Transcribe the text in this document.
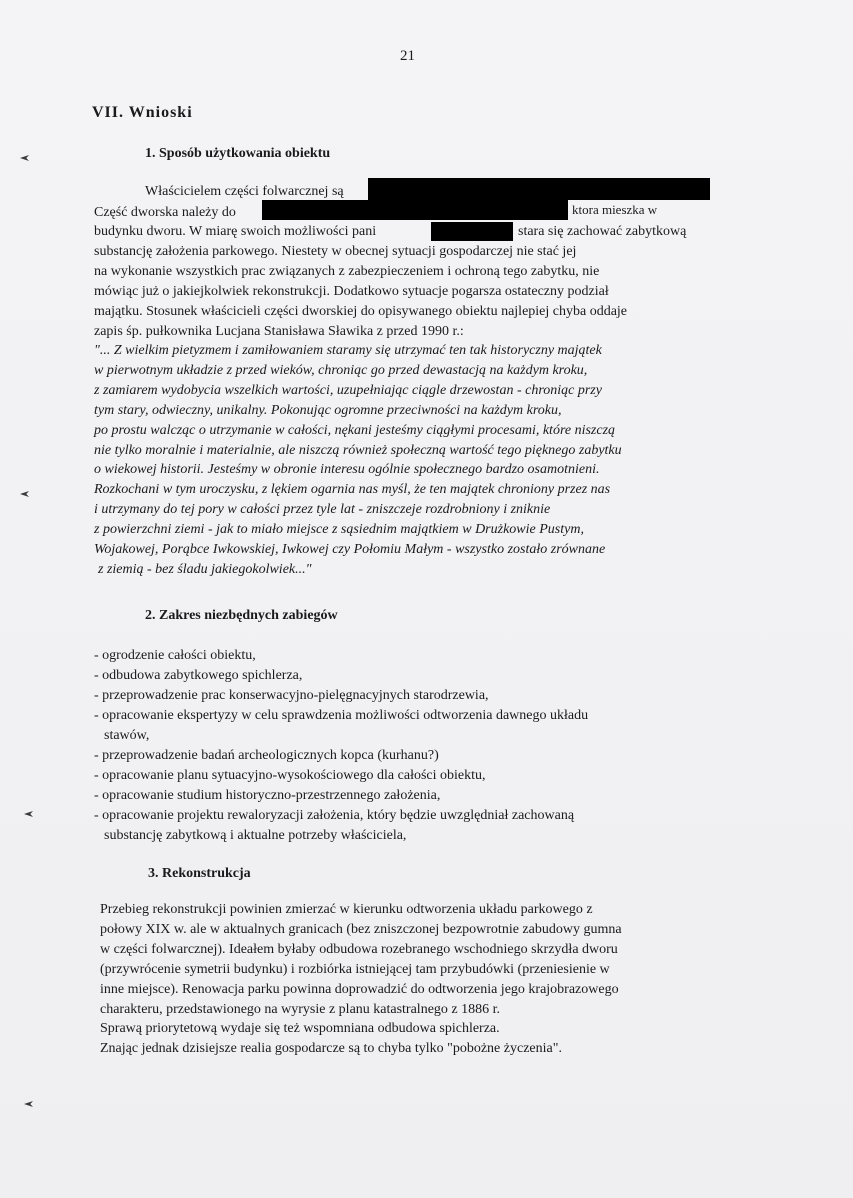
21
VII. Wnioski
1. Sposób użytkowania obiektu
Właścicielem części folwarcznej są
Część dworska należy do	ktora mieszka w
budynku dworu. W miarę swoich możliwości pani	stara się zachować zabytkową
substancję założenia parkowego. Niestety w obecnej sytuacji gospodarczej nie stać jej
na wykonanie wszystkich prac związanych z zabezpieczeniem i ochroną tego zabytku, nie
mówiąc już o jakiejkolwiek rekonstrukcji. Dodatkowo sytuacje pogarsza ostateczny podział
majątku. Stosunek właścicieli części dworskiej do opisywanego obiektu najlepiej chyba oddaje
zapis śp. pułkownika Lucjana Stanisława Sławika z przed 1990 r.:
"... Z wielkim pietyzmem i zamiłowaniem staramy się utrzymać ten tak historyczny majątek
w pierwotnym układzie z przed wieków, chroniąc go przed dewastacją na każdym kroku,
z zamiarem wydobycia wszelkich wartości, uzupełniając ciągle drzewostan - chroniąc przy
tym stary, odwieczny, unikalny. Pokonując ogromne przeciwności na każdym kroku,
po prostu walcząc o utrzymanie w całości, nękani jesteśmy ciągłymi procesami, które niszczą
nie tylko moralnie i materialnie, ale niszczą również społeczną wartość tego pięknego zabytku
o wiekowej historii. Jesteśmy w obronie interesu ogólnie społecznego bardzo osamotnieni.
Rozkochani w tym uroczysku, z lękiem ogarnia nas myśl, że ten majątek chroniony przez nas
i utrzymany do tej pory w całości przez tyle lat - zniszczeje rozdrobniony i zniknie
z powierzchni ziemi - jak to miało miejsce z sąsiednim majątkiem w Drużkowie Pustym,
Wojakowej, Porąbce Iwkowskiej, Iwkowej czy Połomiu Małym - wszystko zostało zrównane
z ziemią - bez śladu jakiegokolwiek..."
2. Zakres niezbędnych zabiegów
- ogrodzenie całości obiektu,
- odbudowa zabytkowego spichlerza,
- przeprowadzenie prac konserwacyjno-pielęgnacyjnych starodrzewia,
- opracowanie ekspertyzy w celu sprawdzenia możliwości odtworzenia dawnego układu
stawów,
- przeprowadzenie badań archeologicznych kopca (kurhanu?)
- opracowanie planu sytuacyjno-wysokościowego dla całości obiektu,
- opracowanie studium historyczno-przestrzennego założenia,
- opracowanie projektu rewaloryzacji założenia, który będzie uwzględniał zachowaną
substancję zabytkową i aktualne potrzeby właściciela,
3. Rekonstrukcja
Przebieg rekonstrukcji powinien zmierzać w kierunku odtworzenia układu parkowego z
połowy XIX w. ale w aktualnych granicach (bez zniszczonej bezpowrotnie zabudowy gumna
w części folwarcznej). Ideałem byłaby odbudowa rozebranego wschodniego skrzydła dworu
(przywrócenie symetrii budynku) i rozbiórka istniejącej tam przybudówki (przeniesienie w
inne miejsce). Renowacja parku powinna doprowadzić do odtworzenia jego krajobrazowego
charakteru, przedstawionego na wyrysie z planu katastralnego z 1886 r.
Sprawą priorytetową wydaje się też wspomniana odbudowa spichlerza.
Znając jednak dzisiejsze realia gospodarcze są to chyba tylko "pobożne życzenia".
